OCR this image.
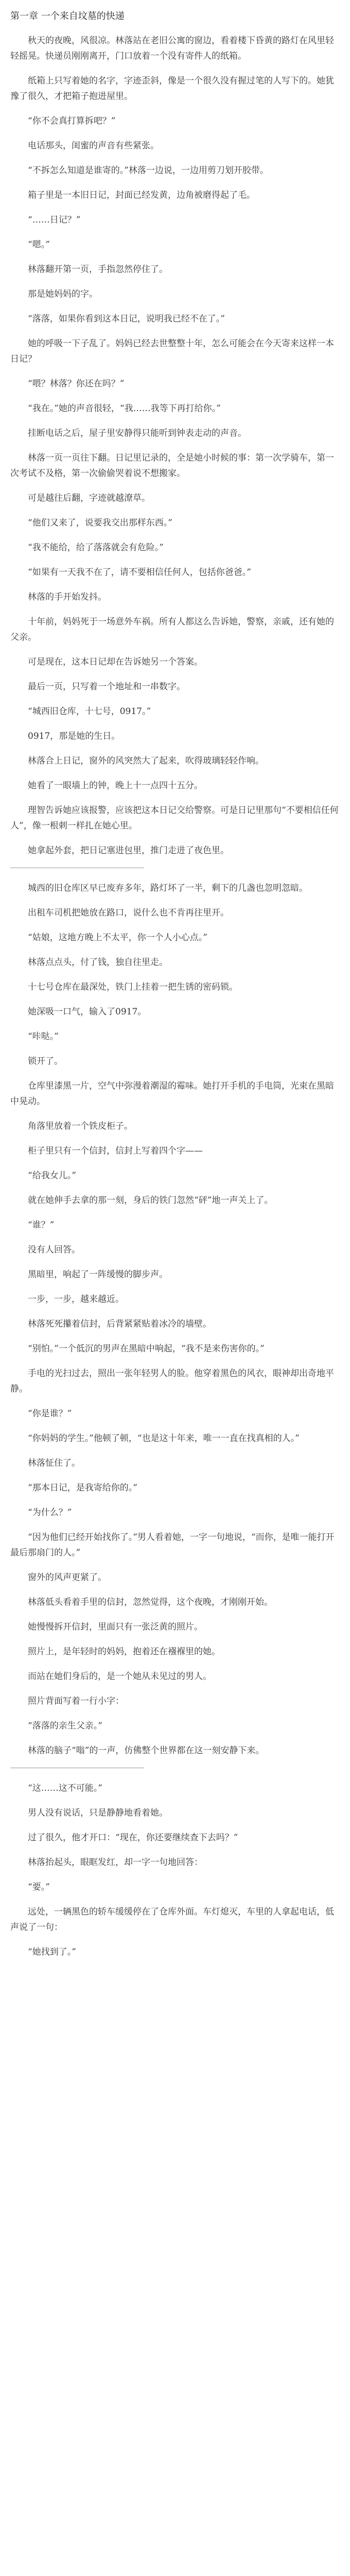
第一章 一个来自坟墓的快递

秋天的夜晚，风很凉。林落站在老旧公寓的窗边，看着楼下昏黄的路灯在风里轻轻摇晃。快递员刚刚离开，门口放着一个没有寄件人的纸箱。

纸箱上只写着她的名字，字迹歪斜，像是一个很久没有握过笔的人写下的。她犹豫了很久，才把箱子抱进屋里。

“你不会真打算拆吧？”

电话那头，闺蜜的声音有些紧张。

“不拆怎么知道是谁寄的。”林落一边说，一边用剪刀划开胶带。

箱子里是一本旧日记，封面已经发黄，边角被磨得起了毛。

“……日记？”

“嗯。”

林落翻开第一页，手指忽然停住了。

那是她妈妈的字。

“落落，如果你看到这本日记，说明我已经不在了。”

她的呼吸一下子乱了。妈妈已经去世整整十年，怎么可能会在今天寄来这样一本日记？

“喂？林落？你还在吗？”

“我在。”她的声音很轻，“我……我等下再打给你。”

挂断电话之后，屋子里安静得只能听到钟表走动的声音。

林落一页一页往下翻。日记里记录的，全是她小时候的事：第一次学骑车，第一次考试不及格，第一次偷偷哭着说不想搬家。

可是越往后翻，字迹就越潦草。

“他们又来了，说要我交出那样东西。”

“我不能给，给了落落就会有危险。”

“如果有一天我不在了，请不要相信任何人，包括你爸爸。”

林落的手开始发抖。

十年前，妈妈死于一场意外车祸。所有人都这么告诉她，警察，亲戚，还有她的父亲。

可是现在，这本日记却在告诉她另一个答案。

最后一页，只写着一个地址和一串数字。

“城西旧仓库，十七号，0917。”

0917，那是她的生日。

林落合上日记，窗外的风突然大了起来，吹得玻璃轻轻作响。

她看了一眼墙上的钟，晚上十一点四十五分。

理智告诉她应该报警，应该把这本日记交给警察。可是日记里那句“不要相信任何人”，像一根刺一样扎在她心里。

她拿起外套，把日记塞进包里，推门走进了夜色里。

城西的旧仓库区早已废弃多年，路灯坏了一半，剩下的几盏也忽明忽暗。

出租车司机把她放在路口，说什么也不肯再往里开。

“姑娘，这地方晚上不太平，你一个人小心点。”

林落点点头，付了钱，独自往里走。

十七号仓库在最深处，铁门上挂着一把生锈的密码锁。

她深吸一口气，输入了0917。

“咔哒。”

锁开了。

仓库里漆黑一片，空气中弥漫着潮湿的霉味。她打开手机的手电筒，光束在黑暗中晃动。

角落里放着一个铁皮柜子。

柜子里只有一个信封，信封上写着四个字——

“给我女儿。”

就在她伸手去拿的那一刻，身后的铁门忽然“砰”地一声关上了。

“谁？”

没有人回答。

黑暗里，响起了一阵缓慢的脚步声。

一步，一步，越来越近。

林落死死攥着信封，后背紧紧贴着冰冷的墙壁。

“别怕。”一个低沉的男声在黑暗中响起，“我不是来伤害你的。”

手电的光扫过去，照出一张年轻男人的脸。他穿着黑色的风衣，眼神却出奇地平静。

“你是谁？”

“你妈妈的学生。”他顿了顿，“也是这十年来，唯一一直在找真相的人。”

林落怔住了。

“那本日记，是我寄给你的。”

“为什么？”

“因为他们已经开始找你了。”男人看着她，一字一句地说，“而你，是唯一能打开最后那扇门的人。”

窗外的风声更紧了。

林落低头看着手里的信封，忽然觉得，这个夜晚，才刚刚开始。

她慢慢拆开信封，里面只有一张泛黄的照片。

照片上，是年轻时的妈妈，抱着还在襁褓里的她。

而站在她们身后的，是一个她从未见过的男人。

照片背面写着一行小字：

“落落的亲生父亲。”

林落的脑子“嗡”的一声，仿佛整个世界都在这一刻安静下来。

“这……这不可能。”

男人没有说话，只是静静地看着她。

过了很久，他才开口：“现在，你还要继续查下去吗？”

林落抬起头，眼眶发红，却一字一句地回答：

“要。”

远处，一辆黑色的轿车缓缓停在了仓库外面。车灯熄灭，车里的人拿起电话，低声说了一句：

“她找到了。”
